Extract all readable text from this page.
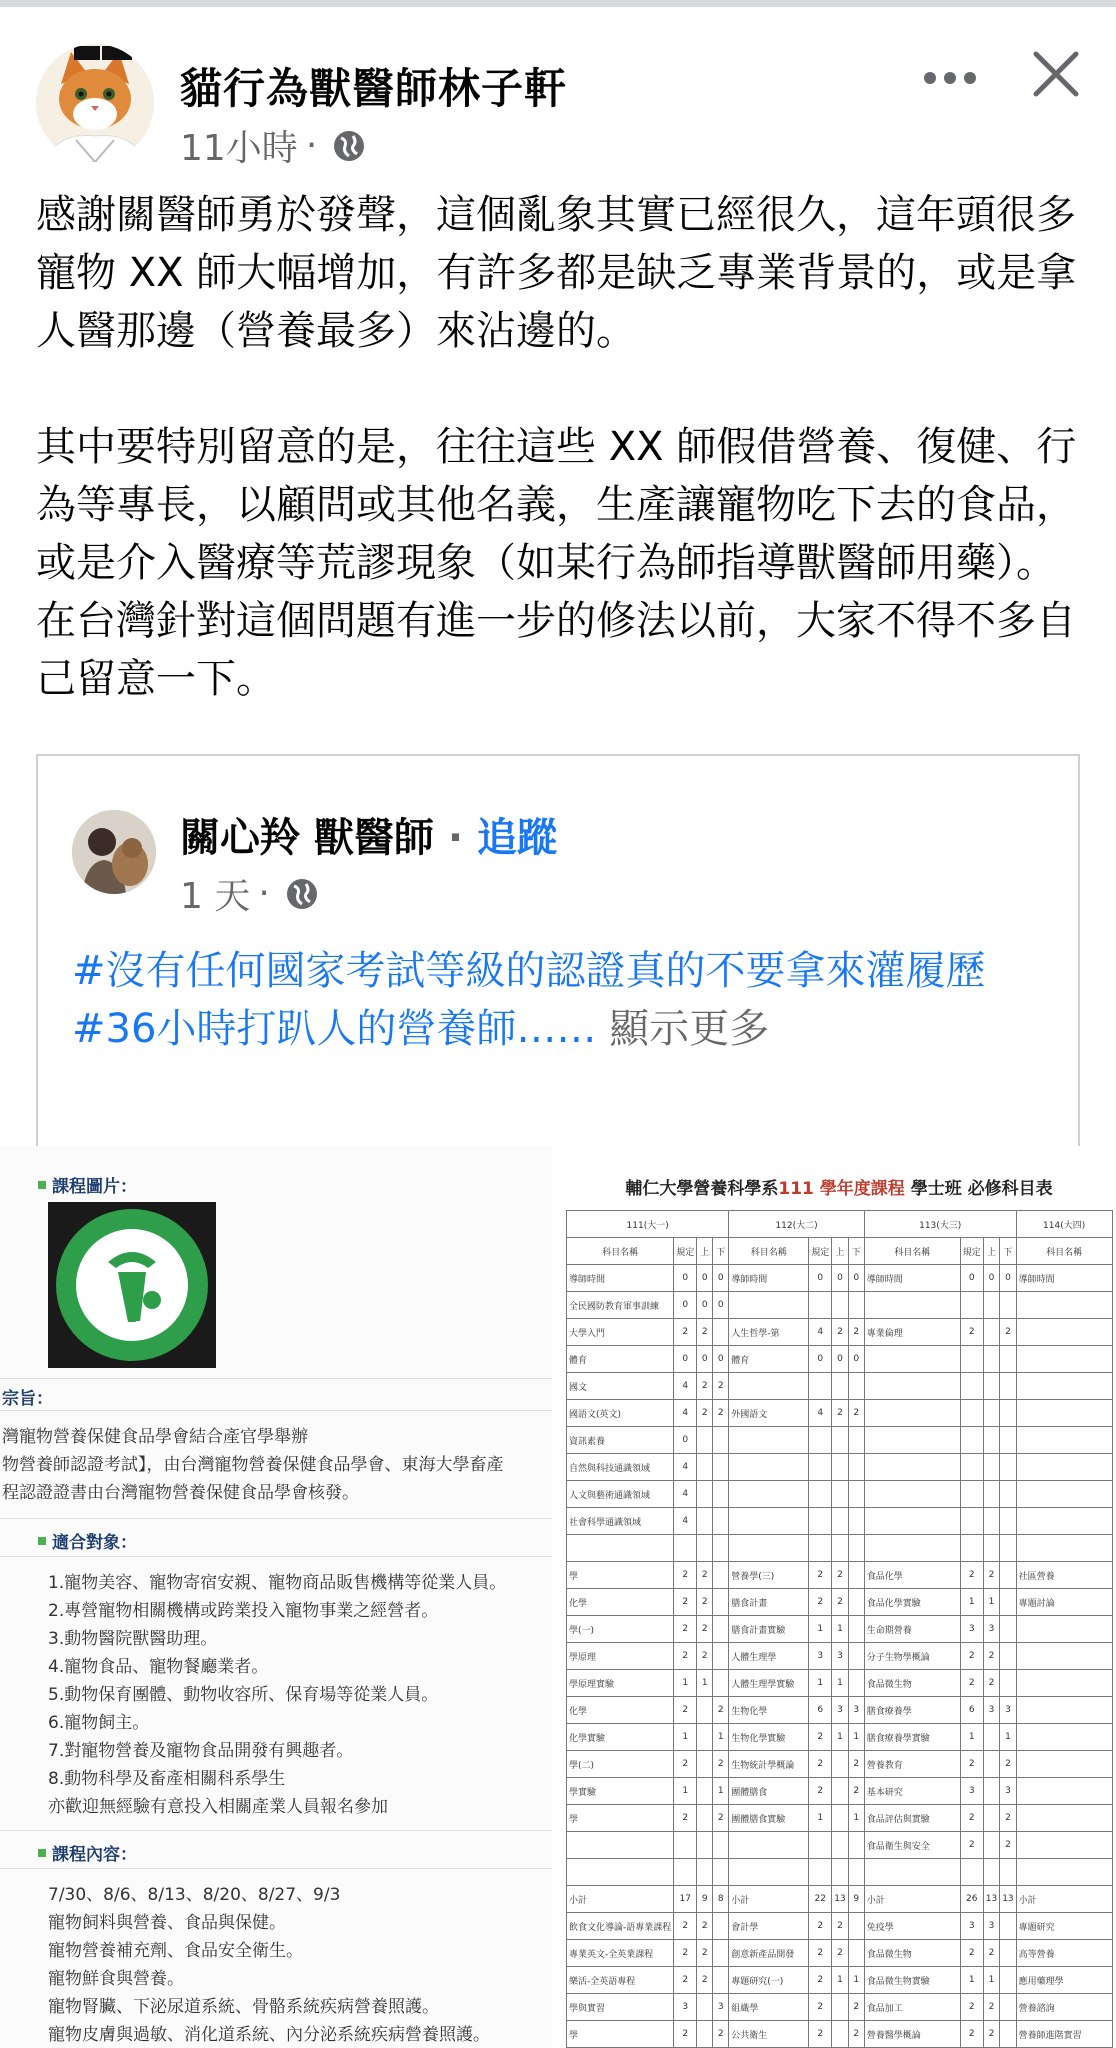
貓行為獸醫師林子軒
11小時 ·

感謝關醫師勇於發聲，這個亂象其實已經很久，這年頭很多寵物 XX 師大幅增加，有許多都是缺乏專業背景的，或是拿人醫那邊（營養最多）來沾邊的。

其中要特別留意的是，往往這些 XX 師假借營養、復健、行為等專長，以顧問或其他名義，生產讓寵物吃下去的食品，或是介入醫療等荒謬現象（如某行為師指導獸醫師用藥）。在台灣針對這個問題有進一步的修法以前，大家不得不多自己留意一下。

關心羚 獸醫師 · 追蹤
1 天 ·
#沒有任何國家考試等級的認證真的不要拿來灌履歷
#36小時打趴人的營養師…… 顯示更多
課程圖片：
T.A.P.H
宗旨：
灣寵物營養保健食品學會結合產官學舉辦
物營養師認證考試】，由台灣寵物營養保健食品學會、東海大學畜產
程認證證書由台灣寵物營養保健食品學會核發。
適合對象：
1.寵物美容、寵物寄宿安親、寵物商品販售機構等從業人員。
2.專營寵物相關機構或跨業投入寵物事業之經營者。
3.動物醫院獸醫助理。
4.寵物食品、寵物餐廳業者。
5.動物保育團體、動物收容所、保育場等從業人員。
6.寵物飼主。
7.對寵物營養及寵物食品開發有興趣者。
8.動物科學及畜產相關科系學生
亦歡迎無經驗有意投入相關產業人員報名參加
課程內容：
7/30、8/6、8/13、8/20、8/27、9/3
寵物飼料與營養、食品與保健。
寵物營養補充劑、食品安全衛生。
寵物鮮食與營養。
寵物腎臟、下泌尿道系統、骨骼系統疾病營養照護。
寵物皮膚與過敏、消化道系統、內分泌系統疾病營養照護。
輔仁大學營養科學系111 學年度課程 學士班 必修科目表
111(大一)				112(大二)				113(大三)				114(大四)
科目名稱	規定	上	下	科目名稱	規定	上	下	科目名稱	規定	上	下	科目名稱
導師時間	0	0	0	導師時間	0	0	0	導師時間	0	0	0	導師時間
全民國防教育軍事訓練	0	0	0									
大學入門	2	2		人生哲學-第	4	2	2	專業倫理	2		2	
體育	0	0	0	體育	0	0	0					
國文	4	2	2									
國語文(英文)	4	2	2	外國語文	4	2	2					
資訊素養	0											
自然與科技通識領域	4											
人文與藝術通識領域	4											
社會科學通識領域	4											

學	2	2		營養學(三)	2	2		食品化學	2	2		社區營養
化學	2	2		膳食計畫	2	2		食品化學實驗	1	1		專題討論
學(一)	2	2		膳食計畫實驗	1	1		生命期營養	3	3		
學原理	2	2		人體生理學	3	3		分子生物學概論	2	2		
學原理實驗	1	1		人體生理學實驗	1	1		食品微生物	2	2		
化學	2		2	生物化學	6	3	3	膳食療養學	6	3	3	
化學實驗	1		1	生物化學實驗	2	1	1	膳食療養學實驗	1		1	
學(二)	2		2	生物統計學概論	2		2	營養教育	2		2	
學實驗	1		1	團體膳食	2		2	基本研究	3		3	
學	2		2	團體膳食實驗	1		1	食品評估與實驗	2		2	
								食品衛生與安全	2		2	

小計	17	9	8	小計	22	13	9	小計	26	13	13	小計
飲食文化導論-語專業課程	2	2		會計學	2	2		免疫學	3	3		專題研究
專業英文-全英業課程	2	2		創意新產品開發	2	2		食品微生物	2	2		高等營養
樂活-全英語專程	2	2		專題研究(一)	2	1	1	食品微生物實驗	1	1		應用藥理學
學與實習	3		3	組織學	2		2	食品加工	2	2		營養諮詢
學	2		2	公共衛生	2		2	營養醫學概論	2	2		營養師進階實習
